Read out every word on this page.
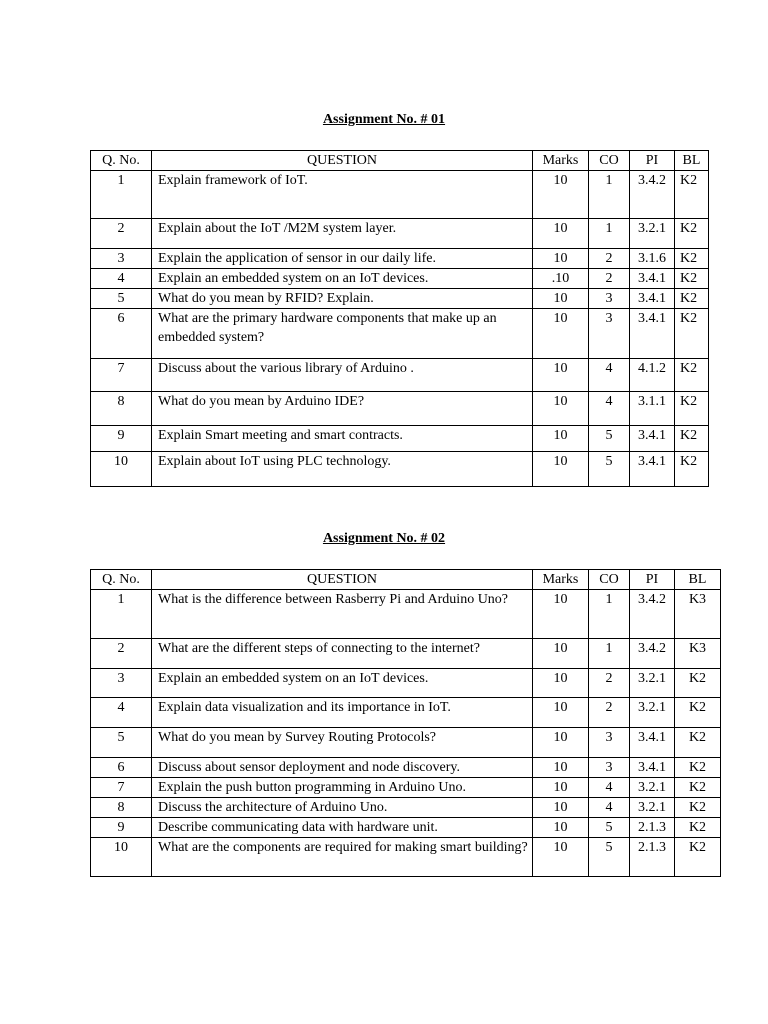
Assignment No. # 01
Q. No.	QUESTION	Marks	CO	PI	BL
1	Explain framework of IoT.	10	1	3.4.2	K2
2	Explain about the IoT /M2M system layer.	10	1	3.2.1	K2
3	Explain the application of sensor in our daily life.	10	2	3.1.6	K2
4	Explain an embedded system on an IoT devices.	.10	2	3.4.1	K2
5	What do you mean by RFID? Explain.	10	3	3.4.1	K2
6	What are the primary hardware components that make up an embedded system?	10	3	3.4.1	K2
7	Discuss about the various library of Arduino .	10	4	4.1.2	K2
8	What do you mean by Arduino IDE?	10	4	3.1.1	K2
9	Explain Smart meeting and smart contracts.	10	5	3.4.1	K2
10	Explain about IoT using PLC technology.	10	5	3.4.1	K2
Assignment No. # 02
Q. No.	QUESTION	Marks	CO	PI	BL
1	What is the difference between Rasberry Pi and Arduino Uno?	10	1	3.4.2	K3
2	What are the different steps of connecting to the internet?	10	1	3.4.2	K3
3	Explain an embedded system on an IoT devices.	10	2	3.2.1	K2
4	Explain data visualization and its importance in IoT.	10	2	3.2.1	K2
5	What do you mean by Survey Routing Protocols?	10	3	3.4.1	K2
6	Discuss about sensor deployment and node discovery.	10	3	3.4.1	K2
7	Explain the push button programming in Arduino Uno.	10	4	3.2.1	K2
8	Discuss the architecture of Arduino Uno.	10	4	3.2.1	K2
9	Describe communicating data with hardware unit.	10	5	2.1.3	K2
10	What are the components are required for making smart building?	10	5	2.1.3	K2
